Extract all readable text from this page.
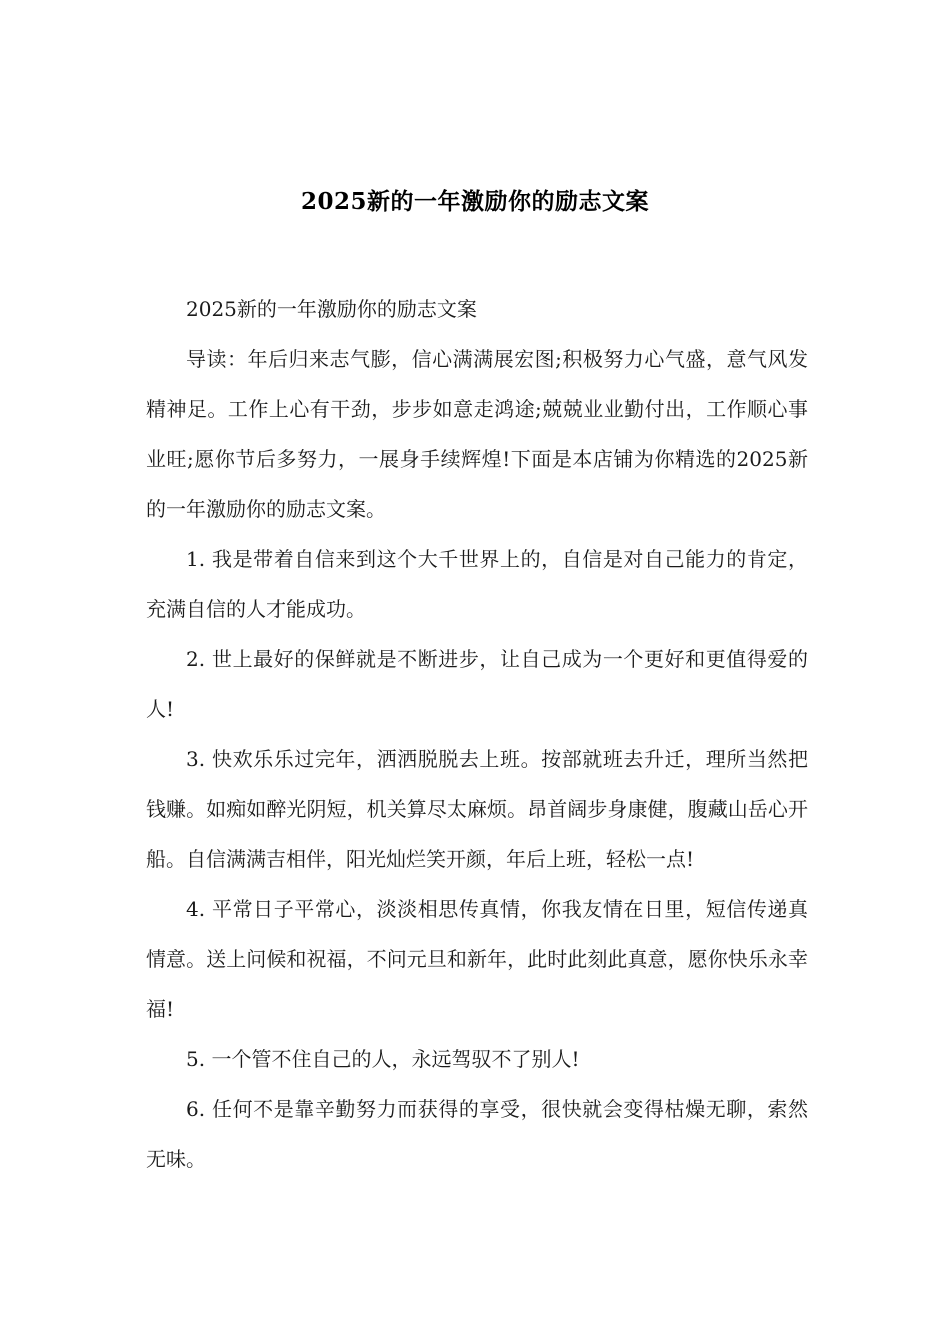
2025新的一年激励你的励志文案

2025新的一年激励你的励志文案

导读：年后归来志气膨，信心满满展宏图;积极努力心气盛，意气风发精神足。工作上心有干劲，步步如意走鸿途;兢兢业业勤付出，工作顺心事业旺;愿你节后多努力，一展身手续辉煌!下面是本店铺为你精选的2025新的一年激励你的励志文案。

1. 我是带着自信来到这个大千世界上的，自信是对自己能力的肯定，充满自信的人才能成功。

2. 世上最好的保鲜就是不断进步，让自己成为一个更好和更值得爱的人!

3. 快欢乐乐过完年，洒洒脱脱去上班。按部就班去升迁，理所当然把钱赚。如痴如醉光阴短，机关算尽太麻烦。昂首阔步身康健，腹藏山岳心开船。自信满满吉相伴，阳光灿烂笑开颜，年后上班，轻松一点!

4. 平常日子平常心，淡淡相思传真情，你我友情在日里，短信传递真情意。送上问候和祝福，不问元旦和新年，此时此刻此真意，愿你快乐永幸福!

5. 一个管不住自己的人，永远驾驭不了别人!

6. 任何不是靠辛勤努力而获得的享受，很快就会变得枯燥无聊，索然无味。
